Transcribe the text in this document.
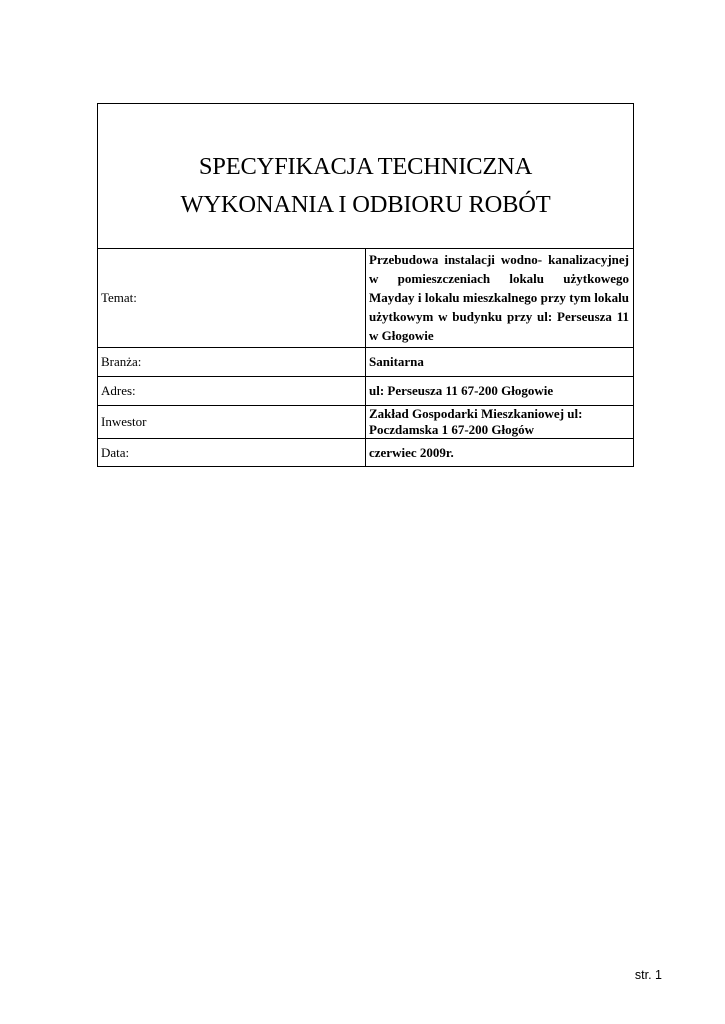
SPECYFIKACJA TECHNICZNA
WYKONANIA I ODBIORU ROBÓT	

Temat:	Przebudowa instalacji wodno- kanalizacyjnej w pomieszczeniach lokalu użytkowego Mayday i lokalu mieszkalnego przy tym lokalu użytkowym w budynku przy ul: Perseusza 11 w Głogowie

Branża:	Sanitarna
Adres:	ul: Perseusza 11 67-200 Głogowie
Inwestor	Zakład Gospodarki Mieszkaniowej ul: Poczdamska 1 67-200 Głogów
Data:	czerwiec 2009r.
str. 1
